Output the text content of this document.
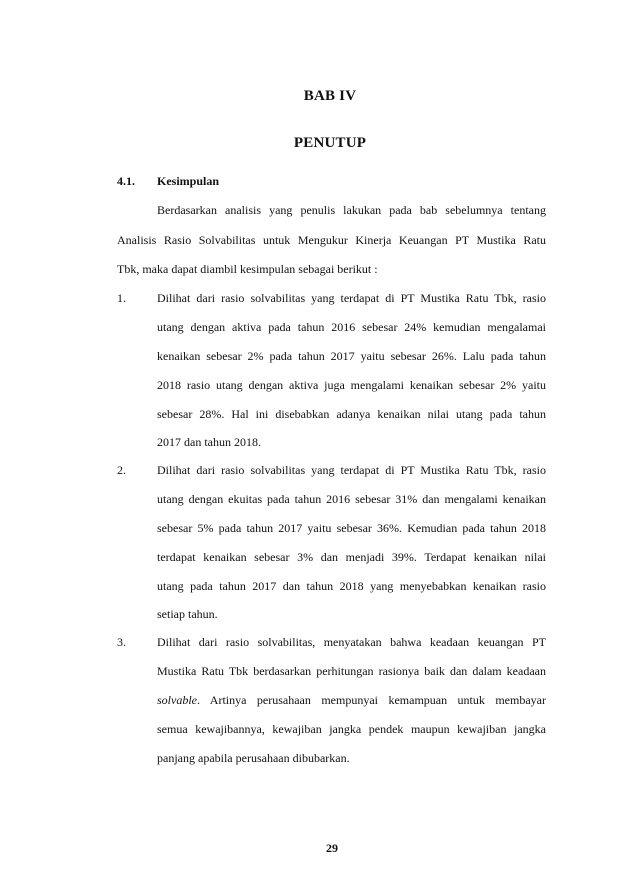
BAB IV
PENUTUP
4.1. Kesimpulan
Berdasarkan analisis yang penulis lakukan pada bab sebelumnya tentang
Analisis Rasio Solvabilitas untuk Mengukur Kinerja Keuangan PT Mustika Ratu
Tbk, maka dapat diambil kesimpulan sebagai berikut :
1.	Dilihat dari rasio solvabilitas yang terdapat di PT Mustika Ratu Tbk, rasio
utang dengan aktiva pada tahun 2016 sebesar 24% kemudian mengalamai
kenaikan sebesar 2% pada tahun 2017 yaitu sebesar 26%. Lalu pada tahun
2018 rasio utang dengan aktiva juga mengalami kenaikan sebesar 2% yaitu
sebesar 28%. Hal ini disebabkan adanya kenaikan nilai utang pada tahun
2017 dan tahun 2018.
2.	Dilihat dari rasio solvabilitas yang terdapat di PT Mustika Ratu Tbk, rasio
utang dengan ekuitas pada tahun 2016 sebesar 31% dan mengalami kenaikan
sebesar 5% pada tahun 2017 yaitu sebesar 36%. Kemudian pada tahun 2018
terdapat kenaikan sebesar 3% dan menjadi 39%. Terdapat kenaikan nilai
utang pada tahun 2017 dan tahun 2018 yang menyebabkan kenaikan rasio
setiap tahun.
3.	Dilihat dari rasio solvabilitas, menyatakan bahwa keadaan keuangan PT
Mustika Ratu Tbk berdasarkan perhitungan rasionya baik dan dalam keadaan
solvable. Artinya perusahaan mempunyai kemampuan untuk membayar
semua kewajibannya, kewajiban jangka pendek maupun kewajiban jangka
panjang apabila perusahaan dibubarkan.
29
